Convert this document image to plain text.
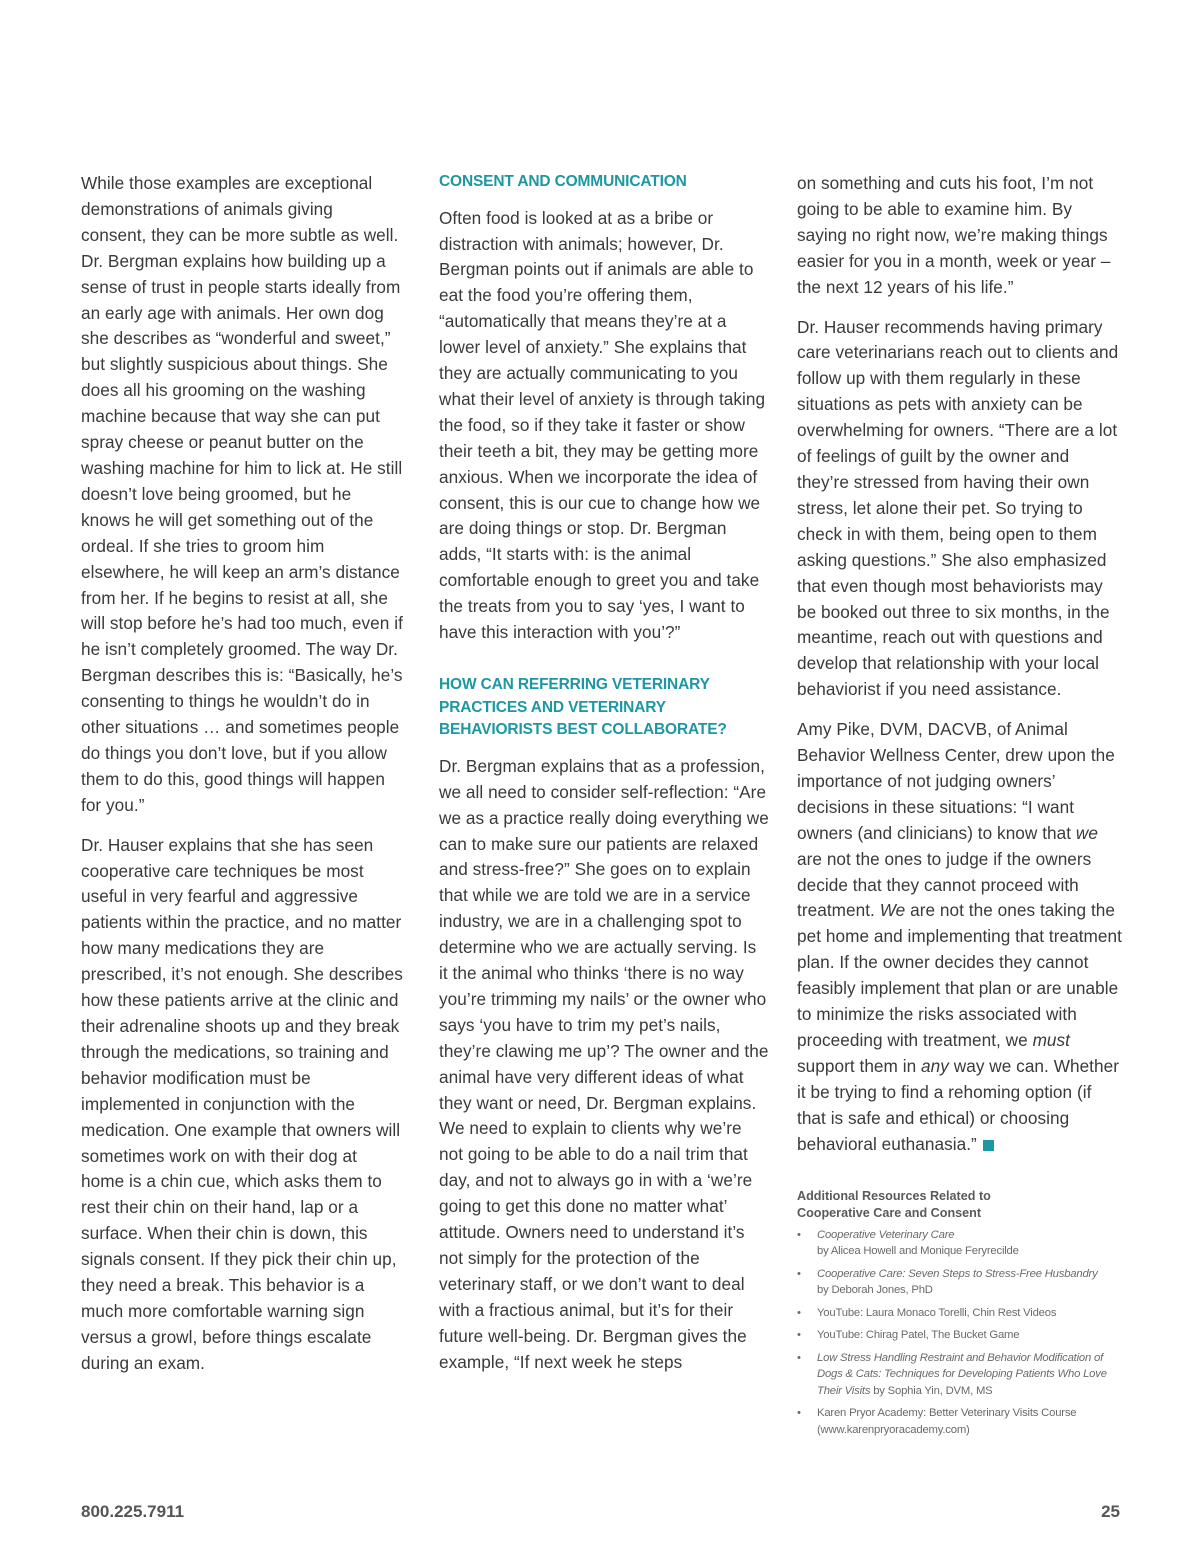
While those examples are exceptional demonstrations of animals giving consent, they can be more subtle as well. Dr. Bergman explains how building up a sense of trust in people starts ideally from an early age with animals. Her own dog she describes as “wonderful and sweet,” but slightly suspicious about things. She does all his grooming on the washing machine because that way she can put spray cheese or peanut butter on the washing machine for him to lick at. He still doesn’t love being groomed, but he knows he will get something out of the ordeal. If she tries to groom him elsewhere, he will keep an arm’s distance from her. If he begins to resist at all, she will stop before he’s had too much, even if he isn’t completely groomed. The way Dr. Bergman describes this is: “Basically, he’s consenting to things he wouldn’t do in other situations … and sometimes people do things you don’t love, but if you allow them to do this, good things will happen for you.”

Dr. Hauser explains that she has seen cooperative care techniques be most useful in very fearful and aggressive patients within the practice, and no matter how many medications they are prescribed, it’s not enough. She describes how these patients arrive at the clinic and their adrenaline shoots up and they break through the medications, so training and behavior modification must be implemented in conjunction with the medication. One example that owners will sometimes work on with their dog at home is a chin cue, which asks them to rest their chin on their hand, lap or a surface. When their chin is down, this signals consent. If they pick their chin up, they need a break. This behavior is a much more comfortable warning sign versus a growl, before things escalate during an exam.

CONSENT AND COMMUNICATION

Often food is looked at as a bribe or distraction with animals; however, Dr. Bergman points out if animals are able to eat the food you’re offering them, “automatically that means they’re at a lower level of anxiety.” She explains that they are actually communicating to you what their level of anxiety is through taking the food, so if they take it faster or show their teeth a bit, they may be getting more anxious. When we incorporate the idea of consent, this is our cue to change how we are doing things or stop. Dr. Bergman adds, “It starts with: is the animal comfortable enough to greet you and take the treats from you to say ‘yes, I want to have this interaction with you’?”

HOW CAN REFERRING VETERINARY PRACTICES AND VETERINARY BEHAVIORISTS BEST COLLABORATE?

Dr. Bergman explains that as a profession, we all need to consider self-reflection: “Are we as a practice really doing everything we can to make sure our patients are relaxed and stress-free?” She goes on to explain that while we are told we are in a service industry, we are in a challenging spot to determine who we are actually serving. Is it the animal who thinks ‘there is no way you’re trimming my nails’ or the owner who says ‘you have to trim my pet’s nails, they’re clawing me up’? The owner and the animal have very different ideas of what they want or need, Dr. Bergman explains. We need to explain to clients why we’re not going to be able to do a nail trim that day, and not to always go in with a ‘we’re going to get this done no matter what’ attitude. Owners need to understand it’s not simply for the protection of the veterinary staff, or we don’t want to deal with a fractious animal, but it’s for their future well-being. Dr. Bergman gives the example, “If next week he steps

on something and cuts his foot, I’m not going to be able to examine him. By saying no right now, we’re making things easier for you in a month, week or year – the next 12 years of his life.”

Dr. Hauser recommends having primary care veterinarians reach out to clients and follow up with them regularly in these situations as pets with anxiety can be overwhelming for owners. “There are a lot of feelings of guilt by the owner and they’re stressed from having their own stress, let alone their pet. So trying to check in with them, being open to them asking questions.” She also emphasized that even though most behaviorists may be booked out three to six months, in the meantime, reach out with questions and develop that relationship with your local behaviorist if you need assistance.

Amy Pike, DVM, DACVB, of Animal Behavior Wellness Center, drew upon the importance of not judging owners’ decisions in these situations: “I want owners (and clinicians) to know that we are not the ones to judge if the owners decide that they cannot proceed with treatment. We are not the ones taking the pet home and implementing that treatment plan. If the owner decides they cannot feasibly implement that plan or are unable to minimize the risks associated with proceeding with treatment, we must support them in any way we can. Whether it be trying to find a rehoming option (if that is safe and ethical) or choosing behavioral euthanasia.”

Additional Resources Related to
Cooperative Care and Consent
• Cooperative Veterinary Care
by Alicea Howell and Monique Feryrecilde
• Cooperative Care: Seven Steps to Stress-Free Husbandry
by Deborah Jones, PhD
• YouTube: Laura Monaco Torelli, Chin Rest Videos
• YouTube: Chirag Patel, The Bucket Game
• Low Stress Handling Restraint and Behavior Modification of
Dogs & Cats: Techniques for Developing Patients Who Love
Their Visits by Sophia Yin, DVM, MS
• Karen Pryor Academy: Better Veterinary Visits Course
(www.karenpryoracademy.com)
800.225.7911	25
